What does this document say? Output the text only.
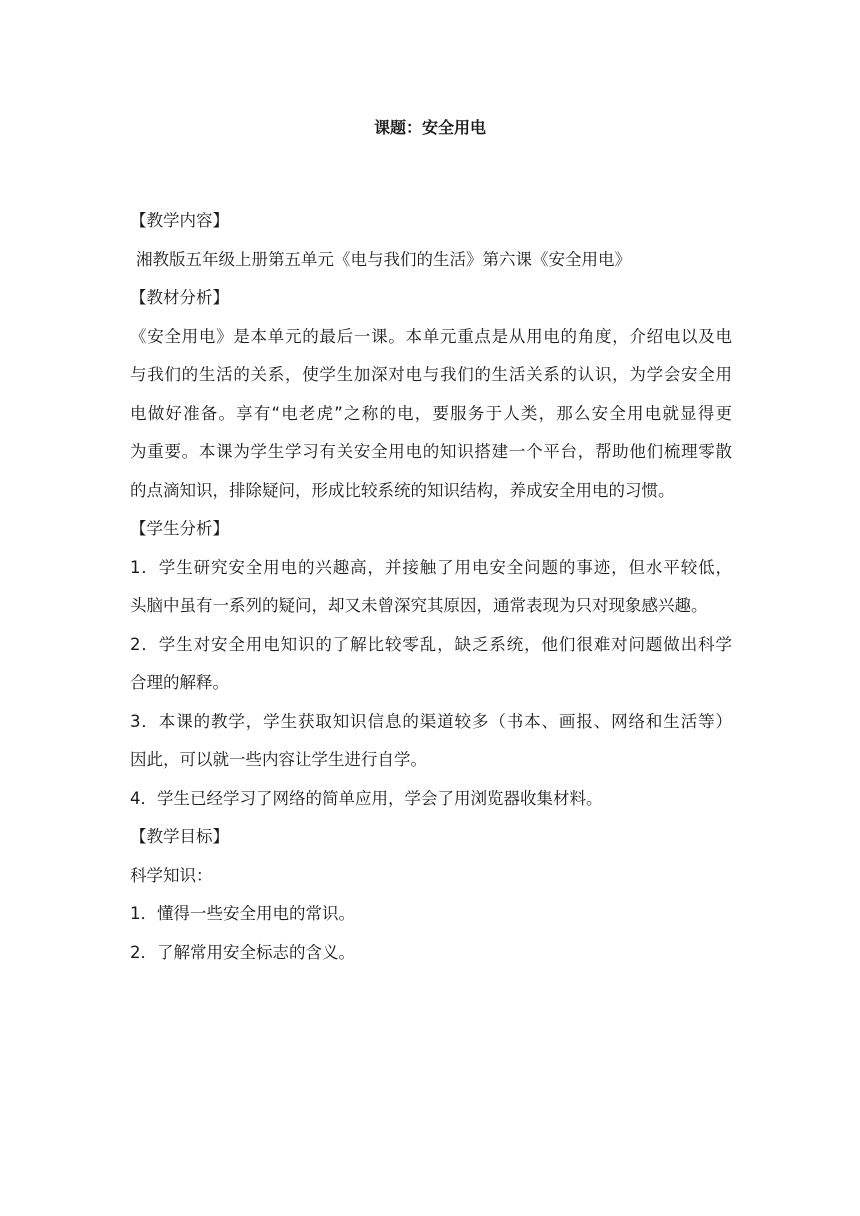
课题：安全用电
【教学内容】
湘教版五年级上册第五单元《电与我们的生活》第六课《安全用电》
【教材分析】
《安全用电》是本单元的最后一课。本单元重点是从用电的角度，介绍电以及电
与我们的生活的关系，使学生加深对电与我们的生活关系的认识，为学会安全用
电做好准备。享有“电老虎”之称的电，要服务于人类，那么安全用电就显得更
为重要。本课为学生学习有关安全用电的知识搭建一个平台，帮助他们梳理零散
的点滴知识，排除疑问，形成比较系统的知识结构，养成安全用电的习惯。
【学生分析】
1．学生研究安全用电的兴趣高，并接触了用电安全问题的事迹，但水平较低，
头脑中虽有一系列的疑问，却又未曾深究其原因，通常表现为只对现象感兴趣。
2．学生对安全用电知识的了解比较零乱，缺乏系统，他们很难对问题做出科学
合理的解释。
3．本课的教学，学生获取知识信息的渠道较多（书本、画报、网络和生活等）
因此，可以就一些内容让学生进行自学。
4．学生已经学习了网络的简单应用，学会了用浏览器收集材料。
【教学目标】
科学知识：
1．懂得一些安全用电的常识。
2．了解常用安全标志的含义。
